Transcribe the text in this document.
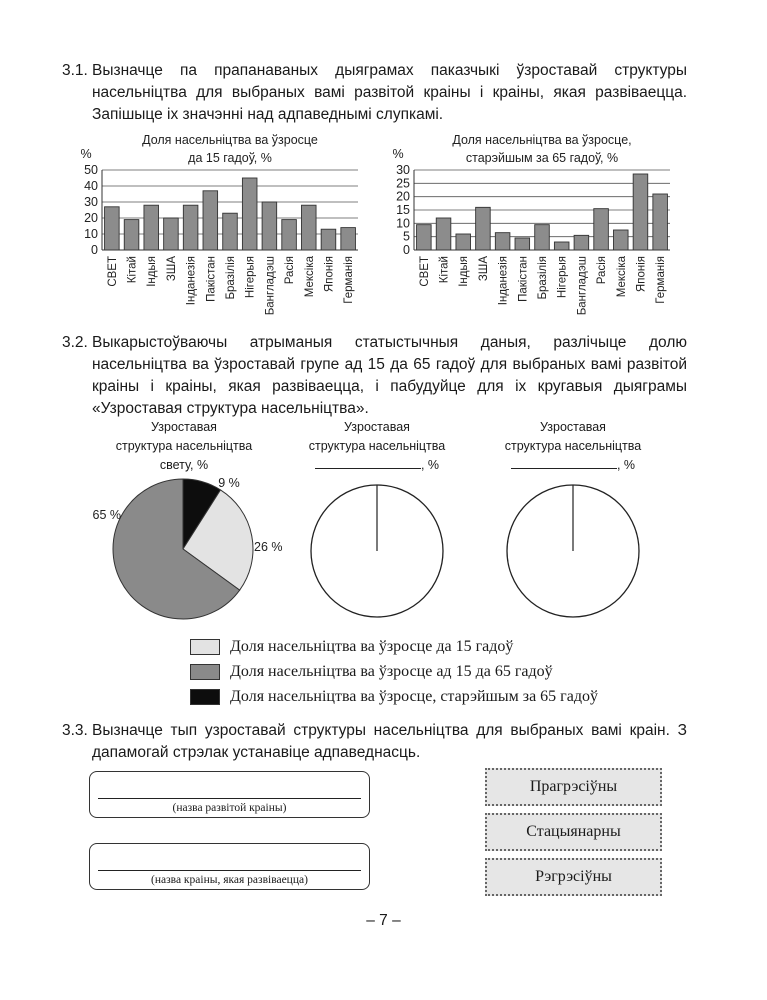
3.1. Вызначце па прапанаваных дыяграмах паказчыкі ўзроставай структуры насельніцтва для выбраных вамі развітой краіны і краіны, якая развіваецца. Запішыце іх значэнні над адпаведнымі слупкамі.
Доля насельніцтва ва ўзросце
да 15 гадоў, %
%
0
10
20
30
40
50
СВЕТ Кітай Індыя ЗША Інданезія Пакістан Бразілія Нігерыя Бангладэш Расія Мексіка Японія Германія
Доля насельніцтва ва ўзросце,
старэйшым за 65 гадоў, %
%
0
5
10
15
20
25
30
СВЕТ Кітай Індыя ЗША Інданезія Пакістан Бразілія Нігерыя Бангладэш Расія Мексіка Японія Германія
3.2. Выкарыстоўваючы атрыманыя статыстычныя даныя, разлічыце долю насельніцтва ва ўзроставай групе ад 15 да 65 гадоў для выбраных вамі развітой краіны і краіны, якая развіваецца, і пабудуйце для іх кругавыя дыяграмы «Узроставая структура насельніцтва».
Узроставая
структура насельніцтва
свету, %
Узроставая
структура насельніцтва
, %
Узроставая
структура насельніцтва
, %
9 %
26 %
65 %
Доля насельніцтва ва ўзросце да 15 гадоў
Доля насельніцтва ва ўзросце ад 15 да 65 гадоў
Доля насельніцтва ва ўзросце, старэйшым за 65 гадоў
3.3. Вызначце тып узроставай структуры насельніцтва для выбраных вамі краін. З дапамогай стрэлак устанавіце адпаведнасць.
(назва развітой краіны)
(назва краіны, якая развіваецца)
Прагрэсіўны
Стацыянарны
Рэгрэсіўны
– 7 –
